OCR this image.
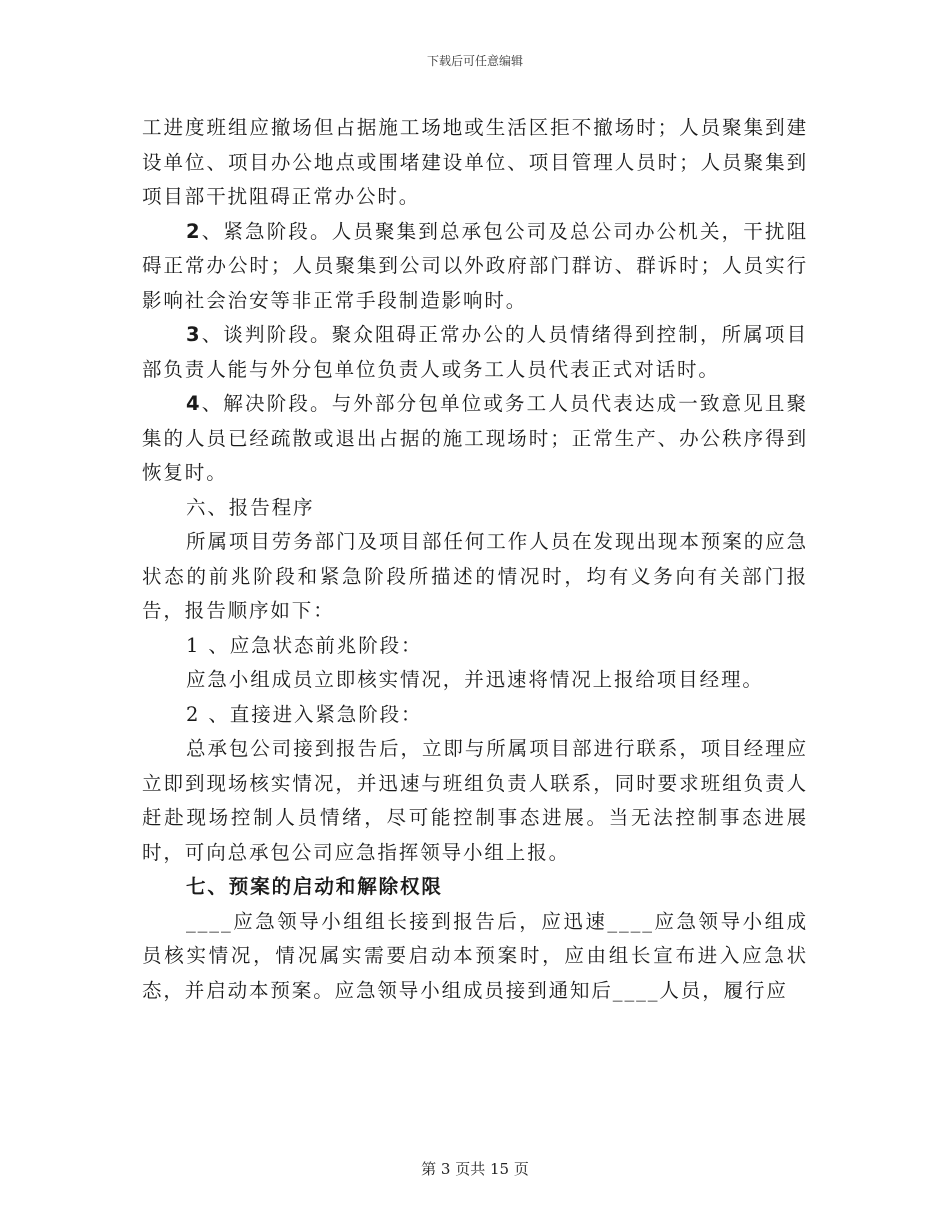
下载后可任意编辑

工进度班组应撤场但占据施工场地或生活区拒不撤场时；人员聚集到建设单位、项目办公地点或围堵建设单位、项目管理人员时；人员聚集到项目部干扰阻碍正常办公时。

2、紧急阶段。人员聚集到总承包公司及总公司办公机关，干扰阻碍正常办公时；人员聚集到公司以外政府部门群访、群诉时；人员实行影响社会治安等非正常手段制造影响时。

3、谈判阶段。聚众阻碍正常办公的人员情绪得到控制，所属项目部负责人能与外分包单位负责人或务工人员代表正式对话时。

4、解决阶段。与外部分包单位或务工人员代表达成一致意见且聚集的人员已经疏散或退出占据的施工现场时；正常生产、办公秩序得到恢复时。

六、报告程序

所属项目劳务部门及项目部任何工作人员在发现出现本预案的应急状态的前兆阶段和紧急阶段所描述的情况时，均有义务向有关部门报告，报告顺序如下：

1 、应急状态前兆阶段：

应急小组成员立即核实情况，并迅速将情况上报给项目经理。

2 、直接进入紧急阶段：

总承包公司接到报告后，立即与所属项目部进行联系，项目经理应立即到现场核实情况，并迅速与班组负责人联系，同时要求班组负责人赶赴现场控制人员情绪，尽可能控制事态进展。当无法控制事态进展时，可向总承包公司应急指挥领导小组上报。

七、预案的启动和解除权限

____应急领导小组组长接到报告后，应迅速____应急领导小组成员核实情况，情况属实需要启动本预案时，应由组长宣布进入应急状态，并启动本预案。应急领导小组成员接到通知后____人员，履行应

第 3 页共 15 页
